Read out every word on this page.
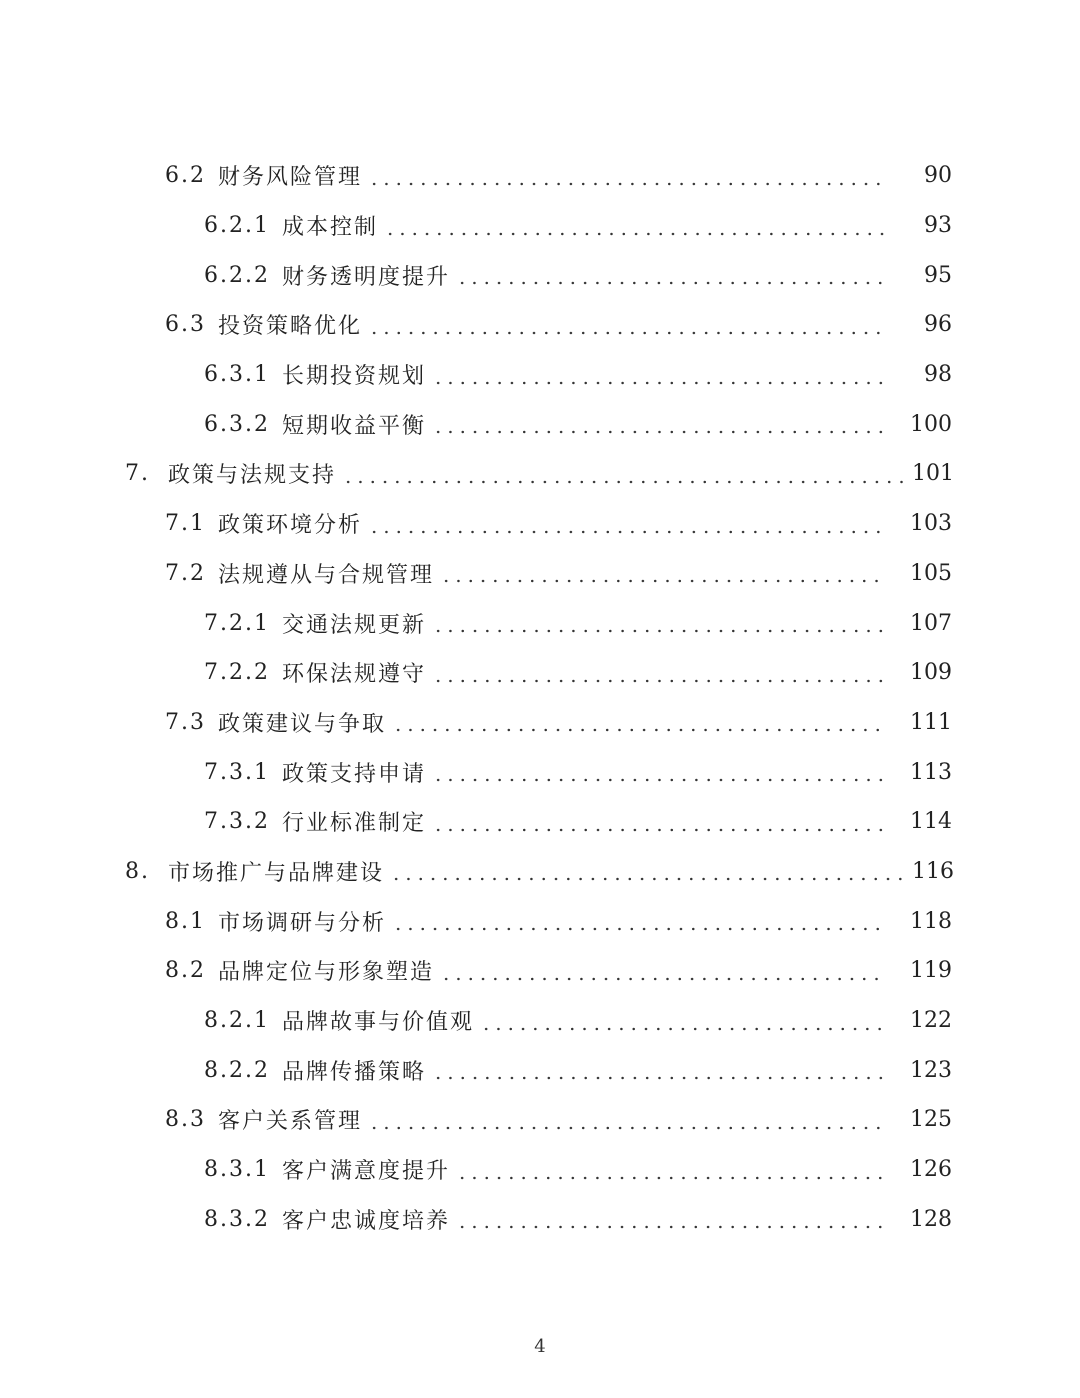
6.2 财务风险管理	90
6.2.1 成本控制	93
6.2.2 财务透明度提升	95
6.3 投资策略优化	96
6.3.1 长期投资规划	98
6.3.2 短期收益平衡	100
7. 政策与法规支持	101
7.1 政策环境分析	103
7.2 法规遵从与合规管理	105
7.2.1 交通法规更新	107
7.2.2 环保法规遵守	109
7.3 政策建议与争取	111
7.3.1 政策支持申请	113
7.3.2 行业标准制定	114
8. 市场推广与品牌建设	116
8.1 市场调研与分析	118
8.2 品牌定位与形象塑造	119
8.2.1 品牌故事与价值观	122
8.2.2 品牌传播策略	123
8.3 客户关系管理	125
8.3.1 客户满意度提升	126
8.3.2 客户忠诚度培养	128
4
